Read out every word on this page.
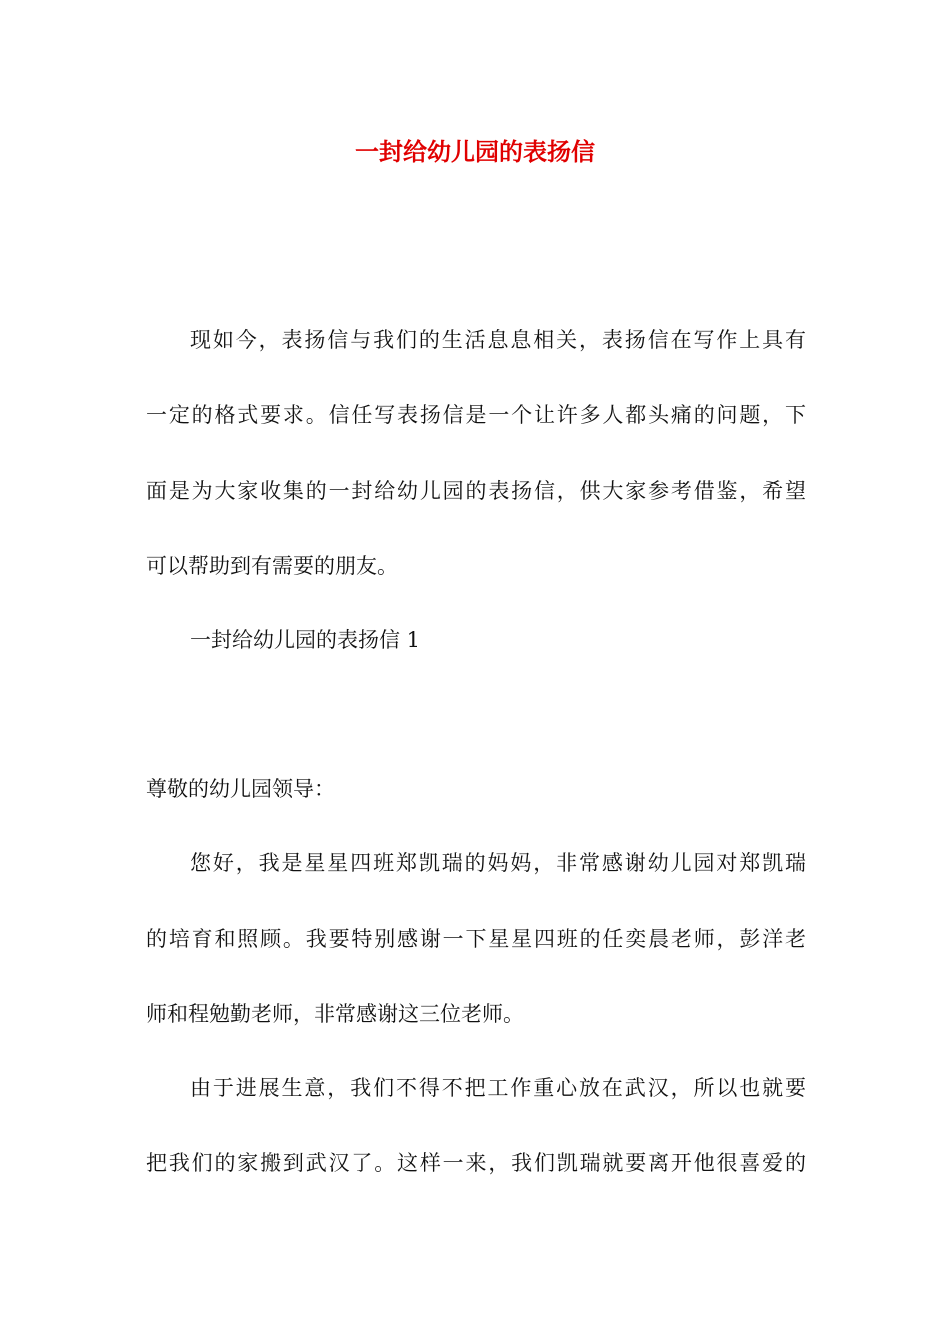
一封给幼儿园的表扬信
现如今，表扬信与我们的生活息息相关，表扬信在写作上具有
一定的格式要求。信任写表扬信是一个让许多人都头痛的问题，下
面是为大家收集的一封给幼儿园的表扬信，供大家参考借鉴，希望
可以帮助到有需要的朋友。
一封给幼儿园的表扬信 1
尊敬的幼儿园领导：
您好，我是星星四班郑凯瑞的妈妈，非常感谢幼儿园对郑凯瑞
的培育和照顾。我要特别感谢一下星星四班的任奕晨老师，彭洋老
师和程勉勤老师，非常感谢这三位老师。
由于进展生意，我们不得不把工作重心放在武汉，所以也就要
把我们的家搬到武汉了。这样一来，我们凯瑞就要离开他很喜爱的
